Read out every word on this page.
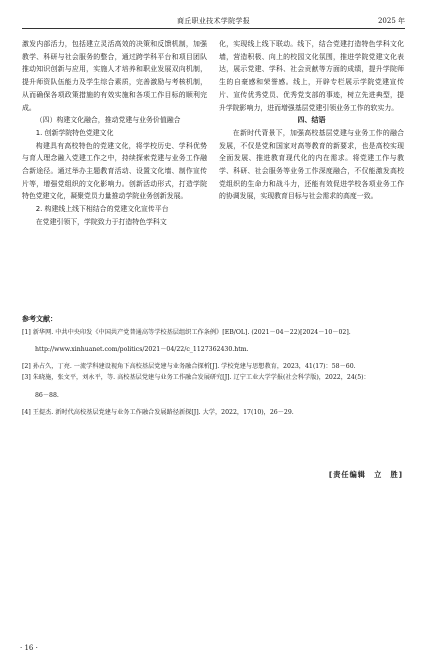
商丘职业技术学院学报	2025 年

激发内部活力，包括建立灵活高效的决策和反馈机制，加强教学、科研与社会服务的整合，通过跨学科平台和项目团队推动知识创新与应用，实施人才培养和职业发展双向机制，提升师资队伍能力及学生综合素质，完善激励与考核机制，从而确保各项政策措施的有效实施和各项工作目标的顺利完成。

（四）构建文化融合，推动党建与业务价值融合

1. 创新学院特色党建文化

构建具有高校特色的党建文化，将学校历史、学科优势与育人理念融入党建工作之中，持续探索党建与业务工作融合新途径。通过举办主题教育活动、设置文化墙、制作宣传片等，增强党组织的文化影响力。创新活动形式，打造学院特色党建文化，凝聚党员力量推动学院业务创新发展。

2. 构建线上线下相结合的党建文化宣传平台

在党建引领下，学院致力于打造特色学科文

化，实现线上线下联动。线下，结合党建打造特色学科文化墙，营造积极、向上的校园文化氛围，推进学院党建文化表达，展示党建、学科、社会贡献等方面的成绩，提升学院师生的自豪感和荣誉感。线上，开辟专栏展示学院党建宣传片、宣传优秀党员、优秀党支部的事迹，树立先进典型，提升学院影响力，进而增强基层党建引领业务工作的软实力。

四、结语

在新时代背景下，加强高校基层党建与业务工作的融合发展，不仅是党和国家对高等教育的新要求，也是高校实现全面发展、推进教育现代化的内在需求。将党建工作与教学、科研、社会服务等业务工作深度融合，不仅能激发高校党组织的生命力和战斗力，还能有效促进学校各项业务工作的协调发展，实现教育目标与社会需求的高度一致。

参考文献：

[1] 新华网. 中共中央印发《中国共产党普通高等学校基层组织工作条例》[EB/OL]. (2021－04－22)[2024－10－02].

http://www.xinhuanet.com/politics/2021－04/22/c_1127362430.htm.

[2] 孙占久，丁亮. 一流学科建设视角下高校基层党建与业务融合探析[J]. 学校党建与思想教育，2023，41(17)：58－60.

[3] 朱晓施，张文平，刘永平，等. 高校基层党建与业务工作融合发展研究[J]. 辽宁工业大学学报(社会科学版)，2022，24(5)：

86－88.

[4] 王提杰. 新时代高校基层党建与业务工作融合发展路径新探[J]. 大学，2022，17(10)，26－29.

[责任编辑　立　胜]
· 16 ·
